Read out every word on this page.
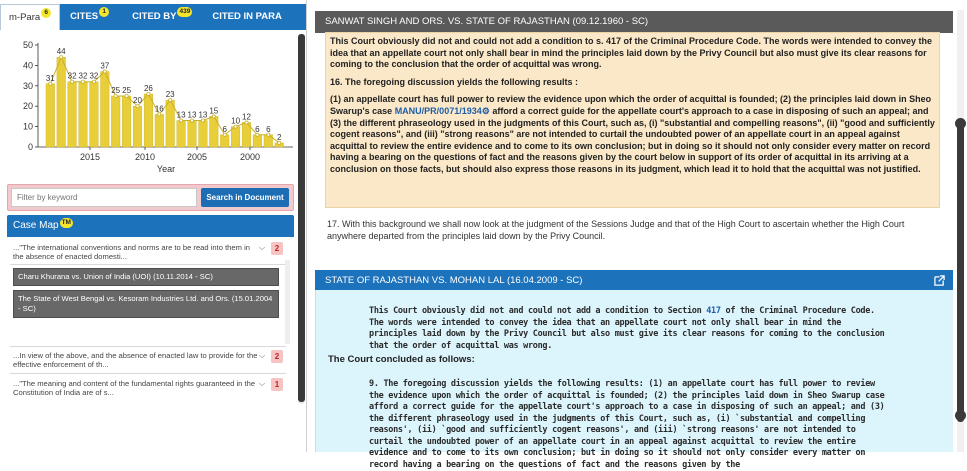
m-Para 6	CITES 1	CITED BY 439	CITED IN PARA
0
10
20
30
40
50
31
44
32 32 32
37
25 25
20
26
16
23
13 13 13 15
6
10 12
6 6
2
2015	2010	2005	2000
Year
Filter by keyword
Search in Document
Case Map TM
..."The international conventions and norms are to be read into them in the absence of enacted domesti...
⌵	2
Charu Khurana vs. Union of India (UOI) (10.11.2014 - SC)
The State of West Bengal vs. Kesoram Industries Ltd. and Ors. (15.01.2004 - SC)
...In view of the above, and the absence of enacted law to provide for the effective enforcement of th...
⌵	2
..."The meaning and content of the fundamental rights guaranteed in the Constitution of India are of s...
⌵	1
SANWAT SINGH AND ORS. VS. STATE OF RAJASTHAN (09.12.1960 - SC)

This Court obviously did not and could not add a condition to s. 417 of the Criminal Procedure Code. The words were intended to convey the idea that an appellate court not only shall bear in mind the principles laid down by the Privy Council but also must give its clear reasons for coming to the conclusion that the order of acquittal was wrong.

16. The foregoing discussion yields the following results :

(1) an appellate court has full power to review the evidence upon which the order of acquittal is founded; (2) the principles laid down in Sheo Swarup's case MANU/PR/0071/1934⚙ afford a correct guide for the appellate court's approach to a case in disposing of such an appeal; and (3) the different phraseology used in the judgments of this Court, such as, (i) "substantial and compelling reasons", (ii) "good and sufficiently cogent reasons", and (iii) "strong reasons" are not intended to curtail the undoubted power of an appellate court in an appeal against acquittal to review the entire evidence and to come to its own conclusion; but in doing so it should not only consider every matter on record having a bearing on the questions of fact and the reasons given by the court below in support of its order of acquittal in its arriving at a conclusion on those facts, but should also express those reasons in its judgment, which lead it to hold that the acquittal was not justified.

17. With this background we shall now look at the judgment of the Sessions Judge and that of the High Court to ascertain whether the High Court anywhere departed from the principles laid down by the Privy Council.
STATE OF RAJASTHAN VS. MOHAN LAL (16.04.2009 - SC)
This Court obviously did not and could not add a condition to Section 417 of the Criminal Procedure Code. The words were intended to convey the idea that an appellate court not only shall bear in mind the principles laid down by the Privy Council but also must give its clear reasons for coming to the conclusion that the order of acquittal was wrong.
The Court concluded as follows:
9. The foregoing discussion yields the following results: (1) an appellate court has full power to review the evidence upon which the order of acquittal is founded; (2) the principles laid down in Sheo Swarup case afford a correct guide for the appellate court's approach to a case in disposing of such an appeal; and (3) the different phraseology used in the judgments of this Court, such as, (i) `substantial and compelling reasons', (ii) `good and sufficiently cogent reasons', and (iii) `strong reasons' are not intended to curtail the undoubted power of an appellate court in an appeal against acquittal to review the entire evidence and to come to its own conclusion; but in doing so it should not only consider every matter on record having a bearing on the questions of fact and the reasons given by the
